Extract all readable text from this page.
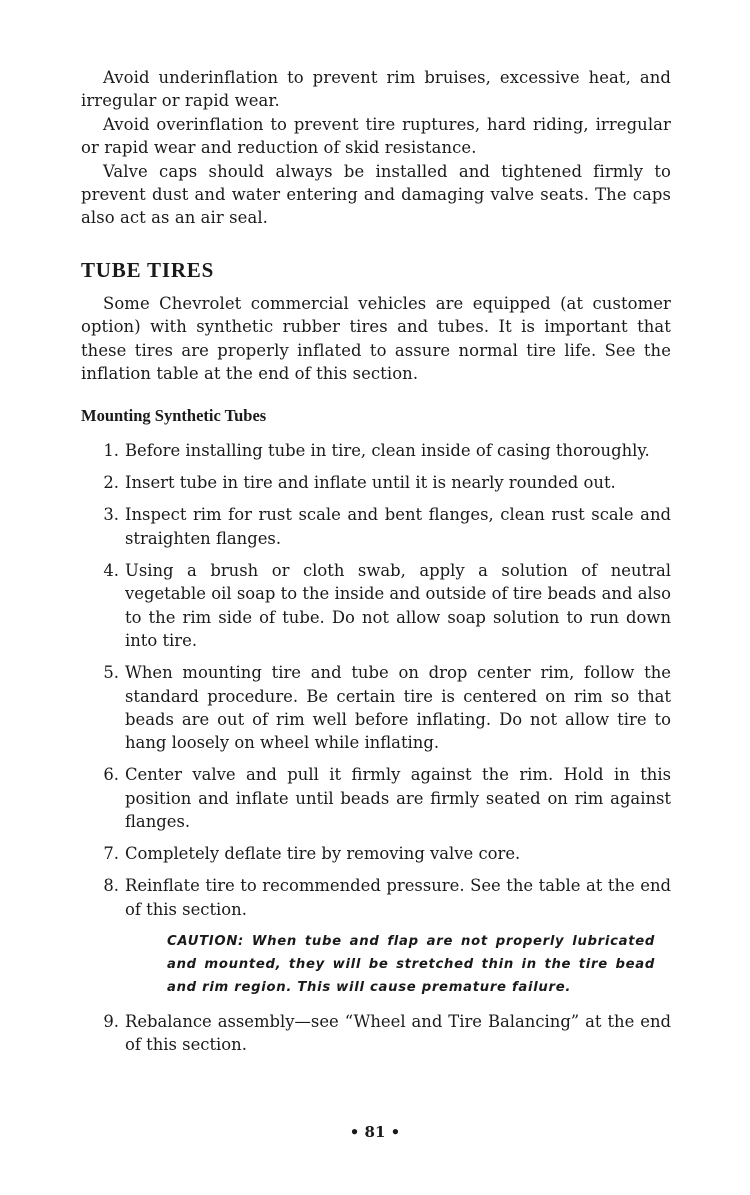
Avoid underinflation to prevent rim bruises, excessive heat, and irregular or rapid wear.

Avoid overinflation to prevent tire ruptures, hard riding, irregular or rapid wear and reduction of skid resistance.

Valve caps should always be installed and tightened firmly to prevent dust and water entering and damaging valve seats. The caps also act as an air seal.

TUBE TIRES

Some Chevrolet commercial vehicles are equipped (at customer option) with synthetic rubber tires and tubes. It is important that these tires are properly inflated to assure normal tire life. See the inflation table at the end of this section.

Mounting Synthetic Tubes
1. Before installing tube in tire, clean inside of casing thoroughly.
2. Insert tube in tire and inflate until it is nearly rounded out.
3. Inspect rim for rust scale and bent flanges, clean rust scale and straighten flanges.
4. Using a brush or cloth swab, apply a solution of neutral vegetable oil soap to the inside and outside of tire beads and also to the rim side of tube. Do not allow soap solution to run down into tire.
5. When mounting tire and tube on drop center rim, follow the standard procedure. Be certain tire is centered on rim so that beads are out of rim well before inflating. Do not allow tire to hang loosely on wheel while inflating.
6. Center valve and pull it firmly against the rim. Hold in this position and inflate until beads are firmly seated on rim against flanges.
7. Completely deflate tire by removing valve core.
8. Reinflate tire to recommended pressure. See the table at the end of this section.
CAUTION: When tube and flap are not properly lubricated and mounted, they will be stretched thin in the tire bead and rim region. This will cause premature failure.
9. Rebalance assembly—see “Wheel and Tire Balancing” at the end of this section.
• 81 •
